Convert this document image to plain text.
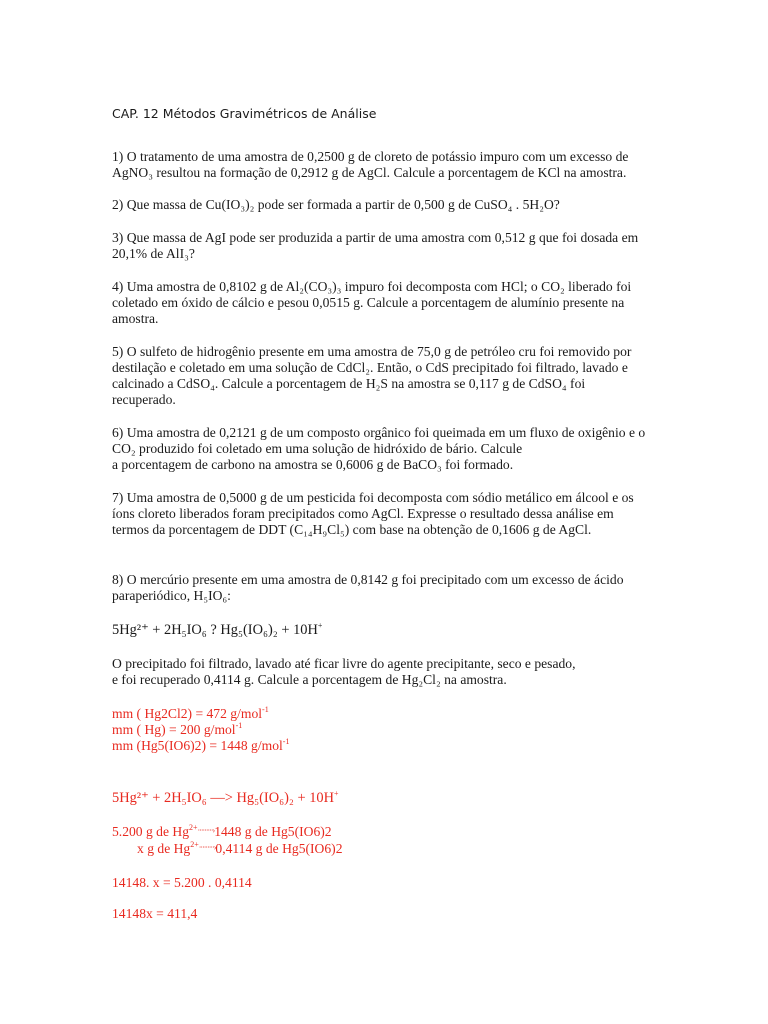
CAP. 12 Métodos Gravimétricos de Análise
1) O tratamento de uma amostra de 0,2500 g de cloreto de potássio impuro com um excesso de
AgNO₃ resultou na formação de 0,2912 g de AgCl. Calcule a porcentagem de KCl na amostra.
2) Que massa de Cu(IO₃)₂ pode ser formada a partir de 0,500 g de CuSO₄ . 5H₂O?
3) Que massa de AgI pode ser produzida a partir de uma amostra com 0,512 g que foi dosada em
20,1% de AlI₃?
4) Uma amostra de 0,8102 g de Al₂(CO₃)₃ impuro foi decomposta com HCl; o CO₂ liberado foi
coletado em óxido de cálcio e pesou 0,0515 g. Calcule a porcentagem de alumínio presente na
amostra.
5) O sulfeto de hidrogênio presente em uma amostra de 75,0 g de petróleo cru foi removido por
destilação e coletado em uma solução de CdCl₂. Então, o CdS precipitado foi filtrado, lavado e
calcinado a CdSO₄. Calcule a porcentagem de H₂S na amostra se 0,117 g de CdSO₄ foi
recuperado.
6) Uma amostra de 0,2121 g de um composto orgânico foi queimada em um fluxo de oxigênio e o
CO₂ produzido foi coletado em uma solução de hidróxido de bário. Calcule
a porcentagem de carbono na amostra se 0,6006 g de BaCO₃ foi formado.
7) Uma amostra de 0,5000 g de um pesticida foi decomposta com sódio metálico em álcool e os
íons cloreto liberados foram precipitados como AgCl. Expresse o resultado dessa análise em
termos da porcentagem de DDT (C₁₄H₉Cl₅) com base na obtenção de 0,1606 g de AgCl.
8) O mercúrio presente em uma amostra de 0,8142 g foi precipitado com um excesso de ácido
paraperiódico, H₅IO₆:
5Hg²⁺ + 2H₅IO₆ ? Hg₅(IO₆)₂ + 10H+
O precipitado foi filtrado, lavado até ficar livre do agente precipitante, seco e pesado,
e foi recuperado 0,4114 g. Calcule a porcentagem de Hg₂Cl₂ na amostra.
mm ( Hg2Cl2) = 472 g/mol$^{-1}$
mm ( Hg) = 200 g/mol$^{-1}$
mm (Hg5(IO6)2) = 1448 g/mol$^{-1}$
5Hg²⁺ + 2H₅IO₆ —> Hg₅(IO₆)₂ + 10H+
5.200 g de $Hg^{2+\cdot\cdot\cdot\cdot\cdot\cdot\cdot\cdot\cdot›}1448$ g de Hg5(IO6)2
x g de $Hg^{2+\cdot\cdot\cdot\cdot\cdot\cdot\cdot\cdot\cdot›}0,4114$ g de Hg5(IO6)2
14148. x = 5.200 . 0,4114
14148x = 411,4
